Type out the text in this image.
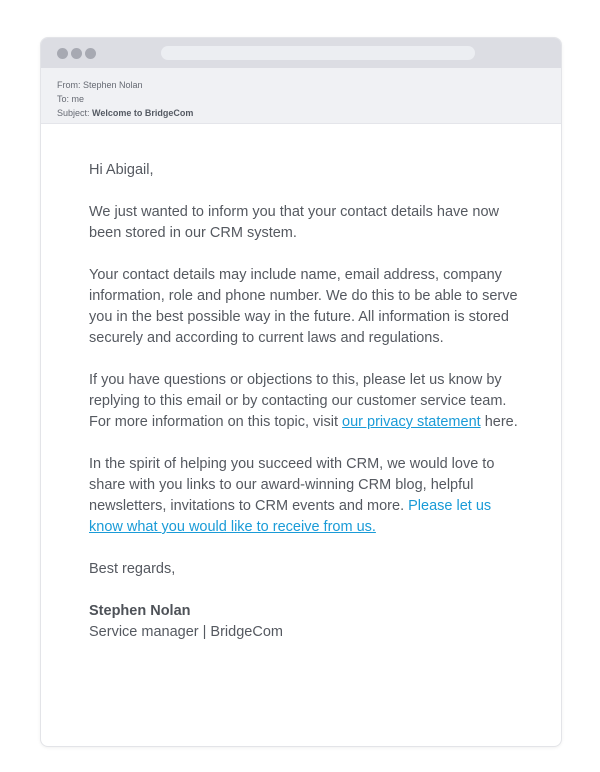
From: Stephen Nolan
To: me
Subject: Welcome to BridgeCom

Hi Abigail,

We just wanted to inform you that your contact details have now been stored in our CRM system.

Your contact details may include name, email address, company information, role and phone number. We do this to be able to serve you in the best possible way in the future. All information is stored securely and according to current laws and regulations.

If you have questions or objections to this, please let us know by replying to this email or by contacting our customer service team. For more information on this topic, visit our privacy statement here.

In the spirit of helping you succeed with CRM, we would love to share with you links to our award-winning CRM blog, helpful newsletters, invitations to CRM events and more. Please let us know what you would like to receive from us.

Best regards,

Stephen Nolan

Service manager | BridgeCom
